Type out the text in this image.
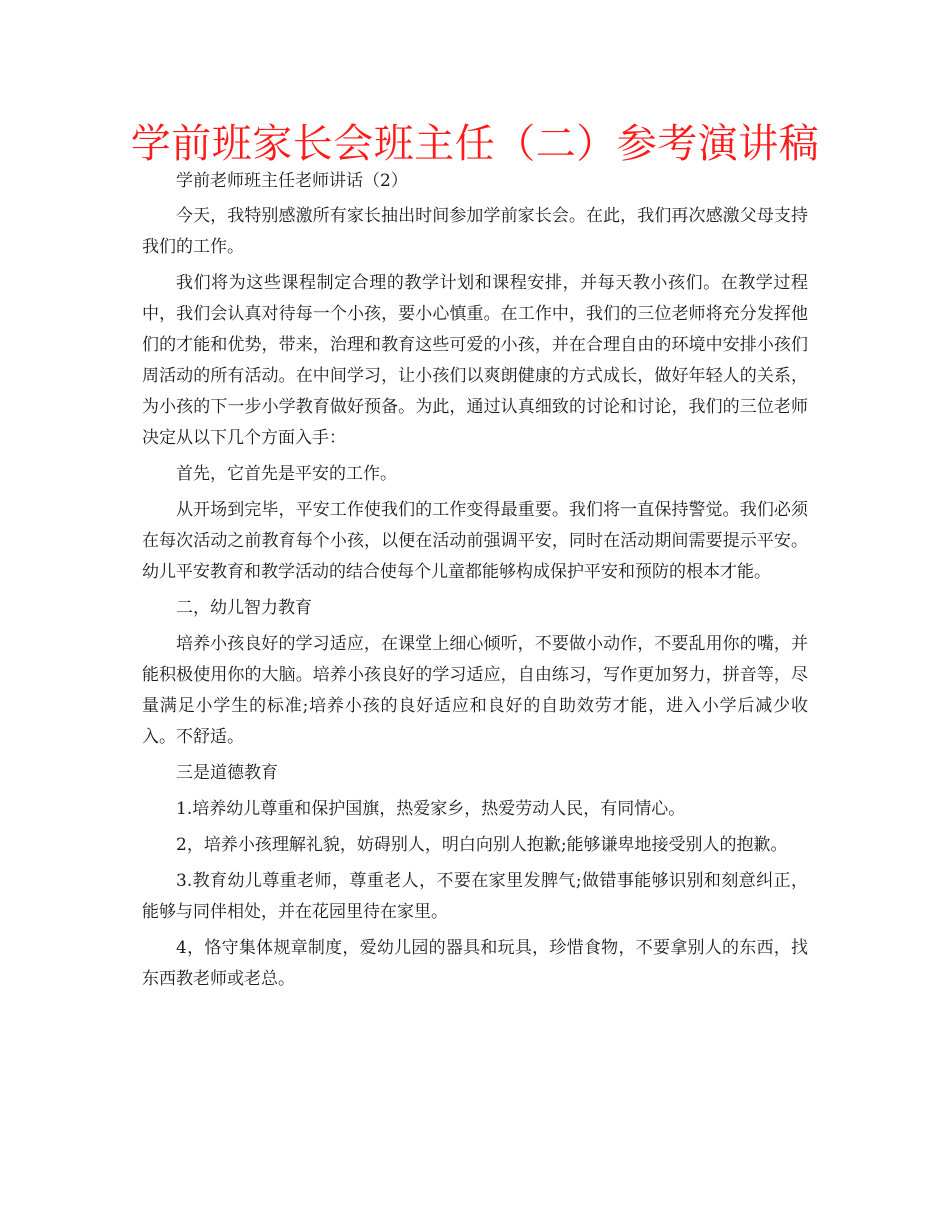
学前班家长会班主任（二）参考演讲稿

学前老师班主任老师讲话（2）

今天，我特别感激所有家长抽出时间参加学前家长会。在此，我们再次感激父母支持我们的工作。

我们将为这些课程制定合理的教学计划和课程安排，并每天教小孩们。在教学过程中，我们会认真对待每一个小孩，要小心慎重。在工作中，我们的三位老师将充分发挥他们的才能和优势，带来，治理和教育这些可爱的小孩，并在合理自由的环境中安排小孩们周活动的所有活动。在中间学习，让小孩们以爽朗健康的方式成长，做好年轻人的关系，为小孩的下一步小学教育做好预备。为此，通过认真细致的讨论和讨论，我们的三位老师决定从以下几个方面入手：

首先，它首先是平安的工作。

从开场到完毕，平安工作使我们的工作变得最重要。我们将一直保持警觉。我们必须在每次活动之前教育每个小孩，以便在活动前强调平安，同时在活动期间需要提示平安。幼儿平安教育和教学活动的结合使每个儿童都能够构成保护平安和预防的根本才能。

二，幼儿智力教育

培养小孩良好的学习适应，在课堂上细心倾听，不要做小动作，不要乱用你的嘴，并能积极使用你的大脑。培养小孩良好的学习适应，自由练习，写作更加努力，拼音等，尽量满足小学生的标准;培养小孩的良好适应和良好的自助效劳才能，进入小学后减少收入。不舒适。

三是道德教育

1.培养幼儿尊重和保护国旗，热爱家乡，热爱劳动人民，有同情心。

2，培养小孩理解礼貌，妨碍别人，明白向别人抱歉;能够谦卑地接受别人的抱歉。

3.教育幼儿尊重老师，尊重老人，不要在家里发脾气;做错事能够识别和刻意纠正，能够与同伴相处，并在花园里待在家里。

4，恪守集体规章制度，爱幼儿园的器具和玩具，珍惜食物，不要拿别人的东西，找东西教老师或老总。
